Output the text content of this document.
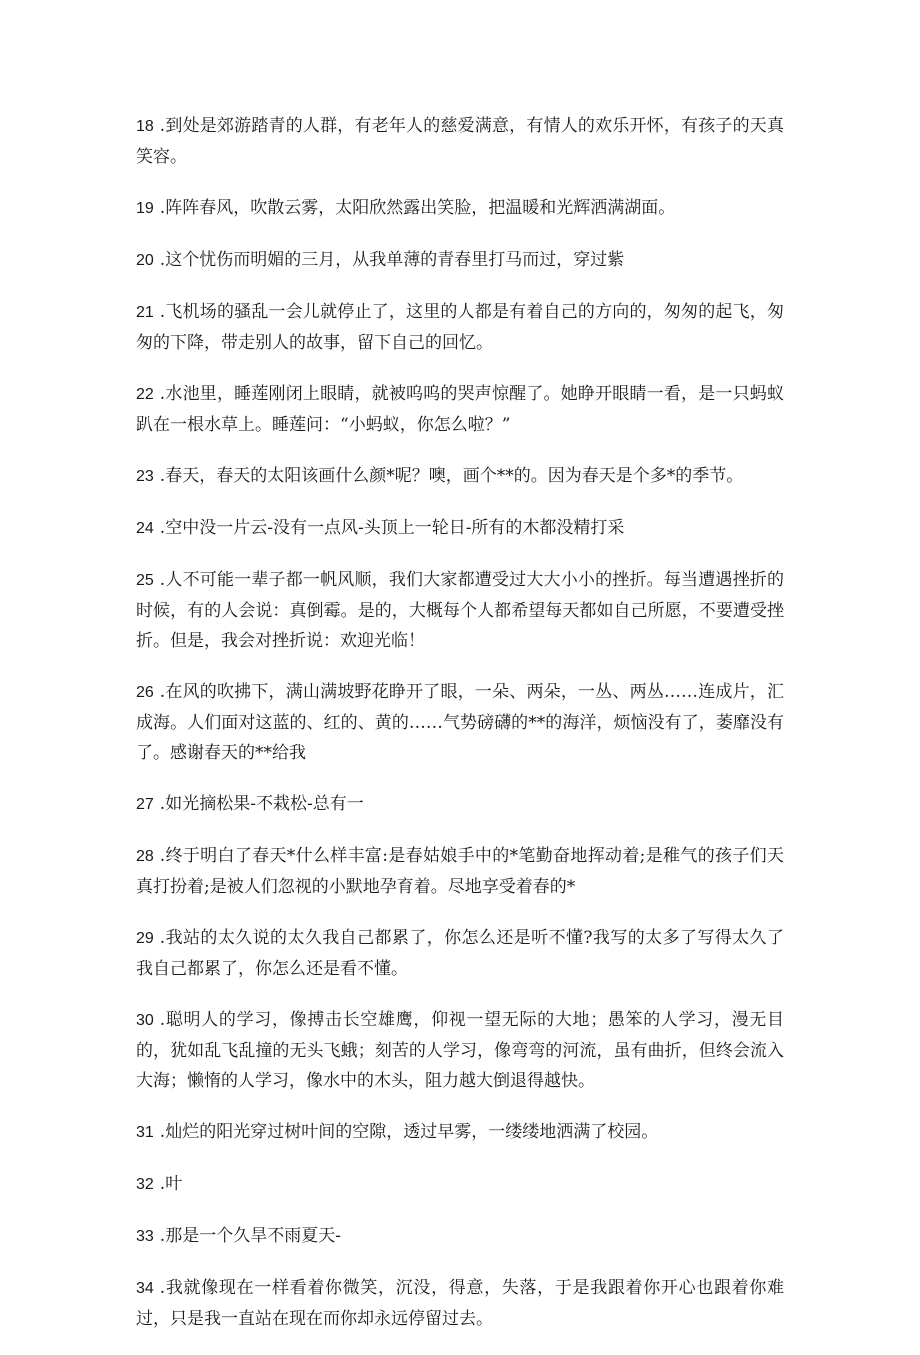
18 .到处是郊游踏青的人群，有老年人的慈爱满意，有情人的欢乐开怀，有孩子的天真笑容。

19 .阵阵春风，吹散云雾，太阳欣然露出笑脸，把温暖和光辉洒满湖面。

20 .这个忧伤而明媚的三月，从我单薄的青春里打马而过，穿过紫

21 .飞机场的骚乱一会儿就停止了，这里的人都是有着自己的方向的，匆匆的起飞，匆匆的下降，带走别人的故事，留下自己的回忆。

22 .水池里，睡莲刚闭上眼睛，就被呜呜的哭声惊醒了。她睁开眼睛一看，是一只蚂蚁趴在一根水草上。睡莲问：“小蚂蚁，你怎么啦？”

23 .春天，春天的太阳该画什么颜*呢？噢，画个**的。因为春天是个多*的季节。

24 .空中没一片云-没有一点风-头顶上一轮日-所有的木都没精打采

25 .人不可能一辈子都一帆风顺，我们大家都遭受过大大小小的挫折。每当遭遇挫折的时候，有的人会说：真倒霉。是的，大概每个人都希望每天都如自己所愿，不要遭受挫折。但是，我会对挫折说：欢迎光临！

26 .在风的吹拂下，满山满坡野花睁开了眼，一朵、两朵，一丛、两丛……连成片，汇成海。人们面对这蓝的、红的、黄的……气势磅礴的**的海洋，烦恼没有了，萎靡没有了。感谢春天的**给我

27 .如光摘松果-不栽松-总有一

28 .终于明白了春天*什么样丰富:是春姑娘手中的*笔勤奋地挥动着;是稚气的孩子们天真打扮着;是被人们忽视的小默地孕育着。尽地享受着春的*

29 .我站的太久说的太久我自己都累了，你怎么还是听不懂?我写的太多了写得太久了我自己都累了，你怎么还是看不懂。

30 .聪明人的学习，像搏击长空雄鹰，仰视一望无际的大地；愚笨的人学习，漫无目的，犹如乱飞乱撞的无头飞蛾；刻苦的人学习，像弯弯的河流，虽有曲折，但终会流入大海；懒惰的人学习，像水中的木头，阻力越大倒退得越快。

31 .灿烂的阳光穿过树叶间的空隙，透过早雾，一缕缕地洒满了校园。

32 .叶

33 .那是一个久旱不雨夏天-

34 .我就像现在一样看着你微笑，沉没，得意，失落，于是我跟着你开心也跟着你难过，只是我一直站在现在而你却永远停留过去。
